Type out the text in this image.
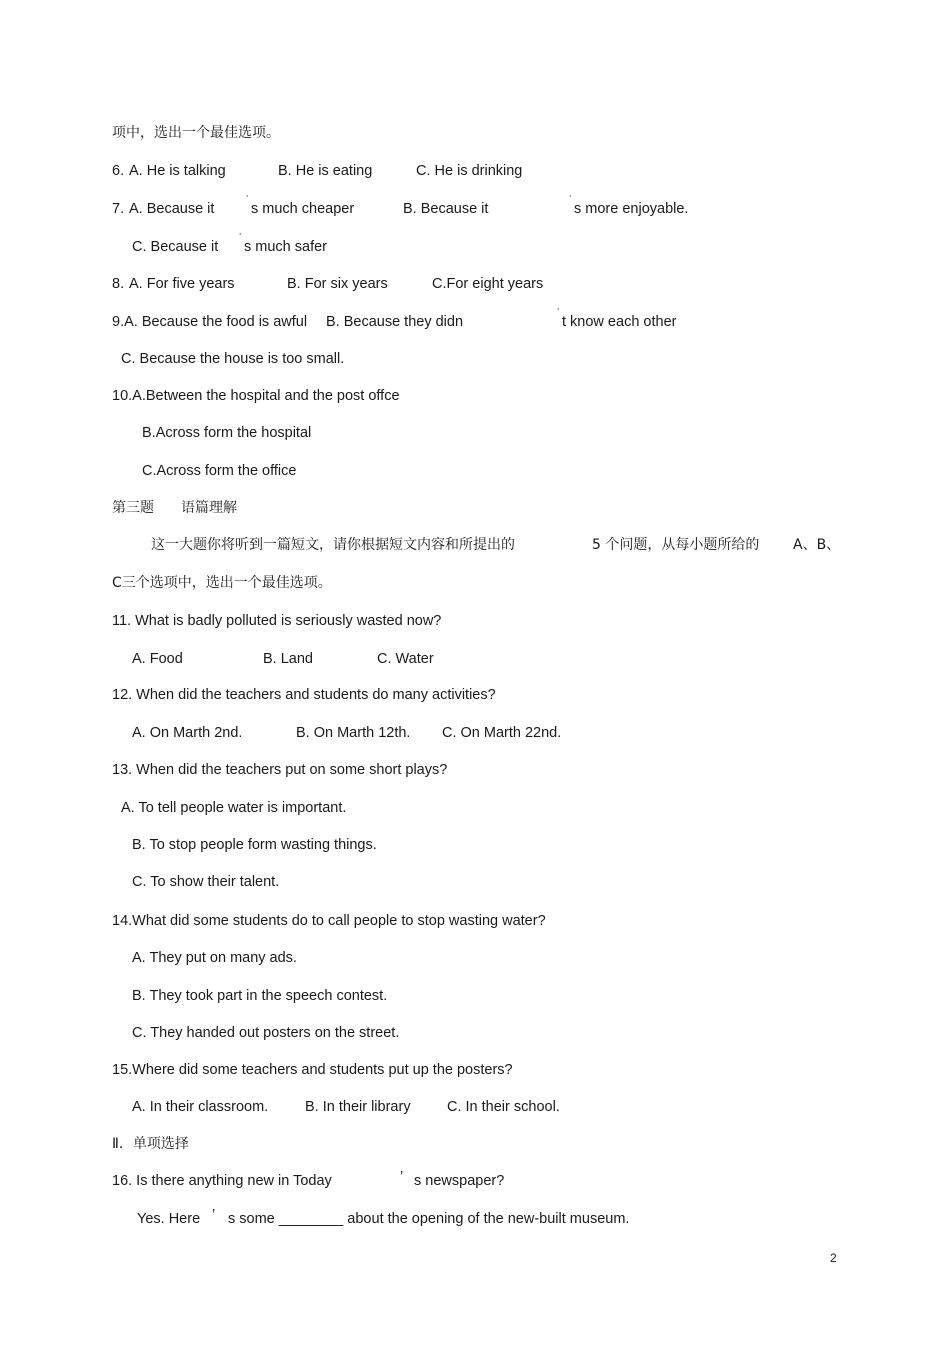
项中，选出一个最佳选项。
6. A. He is talking	B. He is eating	C. He is drinking
7. A. Because it
’
s much cheaper	B. Because it
’
s more enjoyable.
C. Because it
’
s much safer
8. A. For five years	B. For six years	C.For eight years
9.A. Because the food is awful B. Because they didn
’
t know each other
C. Because the house is too small.
10.A.Between the hospital and the post offce
B.Across form the hospital
C.Across form the office
第三题 语篇理解
这一大题你将听到一篇短文，请你根据短文内容和所提出的	5 个问题，从每小题所给的 A、B、
C三个选项中，选出一个最佳选项。
11. What is badly polluted is seriously wasted now?
A. Food	B. Land	C. Water
12. When did the teachers and students do many activities?
A. On Marth 2nd.	B. On Marth 12th. C. On Marth 22nd.
13. When did the teachers put on some short plays?
A. To tell people water is important.
B. To stop people form wasting things.
C. To show their talent.
14.What did some students do to call people to stop wasting water?
A. They put on many ads.
B. They took part in the speech contest.
C. They handed out posters on the street.
15.Where did some teachers and students put up the posters?
A. In their classroom.	B. In their library	C. In their school.
Ⅱ．单项选择
16. Is there anything new in Today	’ s newspaper?
Yes. Here ’ s some ________ about the opening of the new-built museum.
2
